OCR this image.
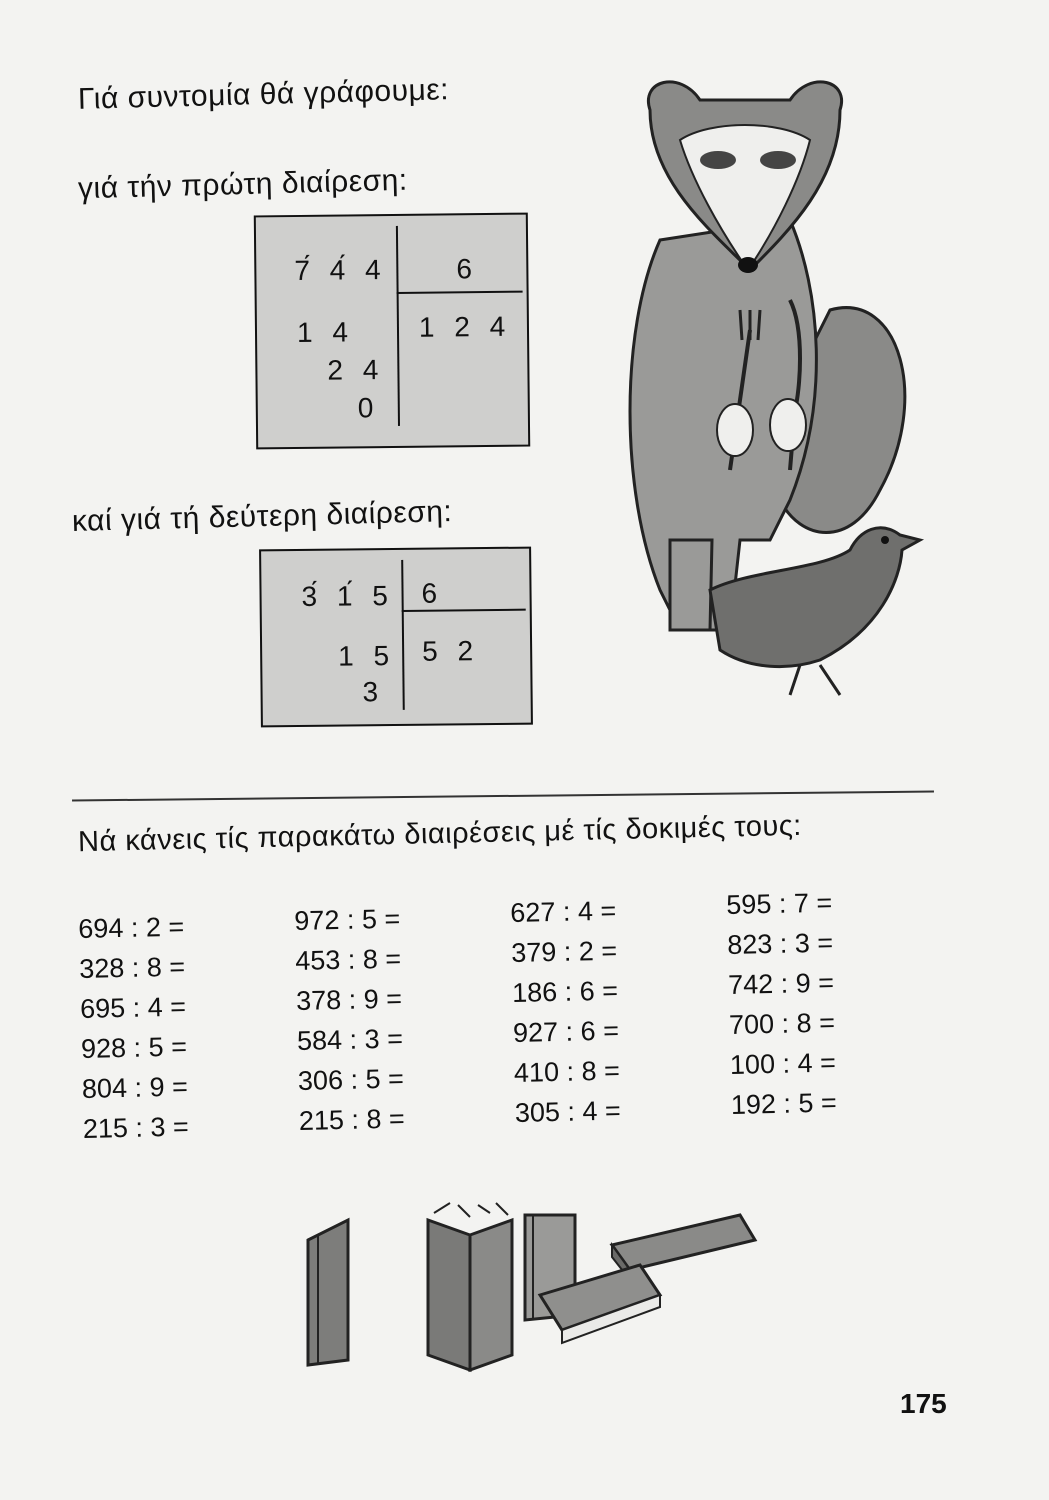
Γιά συντομία θά γράφουμε:
γιά τήν πρώτη διαίρεση:
7́ 4́ 4 6
1 2 4
1 4
2 4
0
καί γιά τή δεύτερη διαίρεση:
3́ 1́ 5 6
5 2
1 5
3
Νά κάνεις τίς παρακάτω διαιρέσεις μέ τίς δοκιμές τους:
694 : 2 =
328 : 8 =
695 : 4 =
928 : 5 =
804 : 9 =
215 : 3 =
972 : 5 =
453 : 8 =
378 : 9 =
584 : 3 =
306 : 5 =
215 : 8 =
627 : 4 =
379 : 2 =
186 : 6 =
927 : 6 =
410 : 8 =
305 : 4 =
595 : 7 =
823 : 3 =
742 : 9 =
700 : 8 =
100 : 4 =
192 : 5 =
175
